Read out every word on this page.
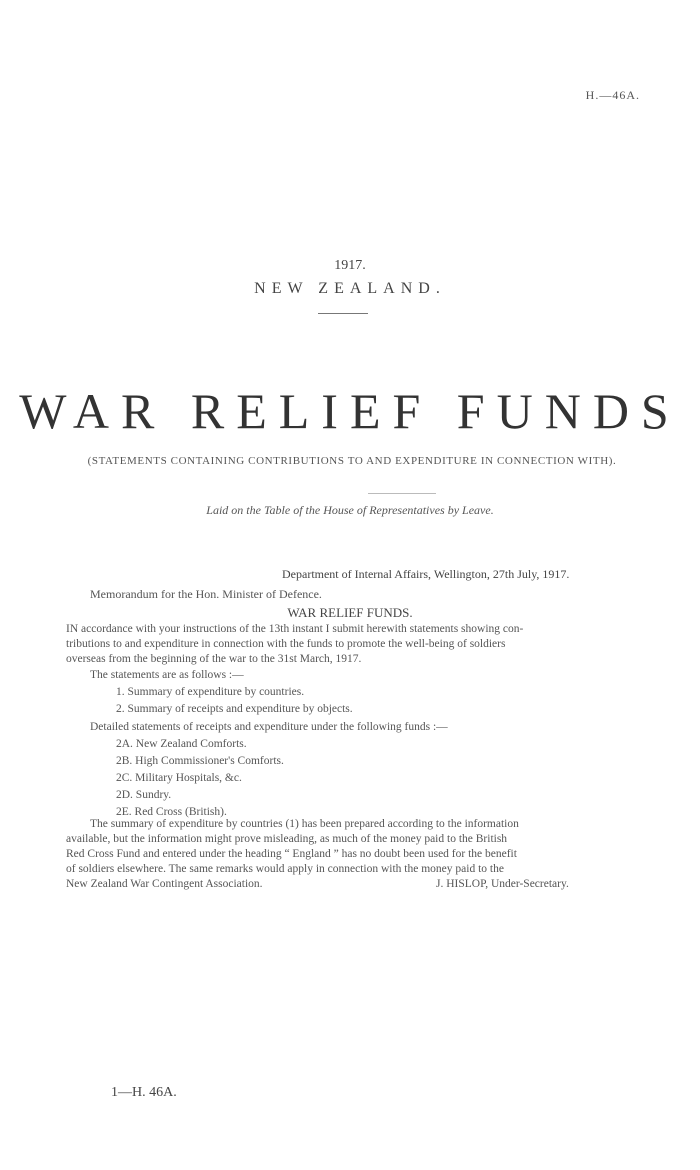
H.—46A.
1917.
NEW ZEALAND.
WAR RELIEF FUNDS
(STATEMENTS CONTAINING CONTRIBUTIONS TO AND EXPENDITURE IN CONNECTION WITH).
Laid on the Table of the House of Representatives by Leave.
Department of Internal Affairs, Wellington, 27th July, 1917.
Memorandum for the Hon. Minister of Defence.
WAR RELIEF FUNDS.
IN accordance with your instructions of the 13th instant I submit herewith statements showing con-
tributions to and expenditure in connection with the funds to promote the well-being of soldiers
overseas from the beginning of the war to the 31st March, 1917.
The statements are as follows :—
1. Summary of expenditure by countries.
2. Summary of receipts and expenditure by objects.
Detailed statements of receipts and expenditure under the following funds :—
2A. New Zealand Comforts.
2B. High Commissioner's Comforts.
2C. Military Hospitals, &c.
2D. Sundry.
2E. Red Cross (British).
The summary of expenditure by countries (1) has been prepared according to the information
available, but the information might prove misleading, as much of the money paid to the British
Red Cross Fund and entered under the heading “ England ” has no doubt been used for the benefit
of soldiers elsewhere. The same remarks would apply in connection with the money paid to the
New Zealand War Contingent Association.	J. HISLOP, Under-Secretary.
1—H. 46A.
